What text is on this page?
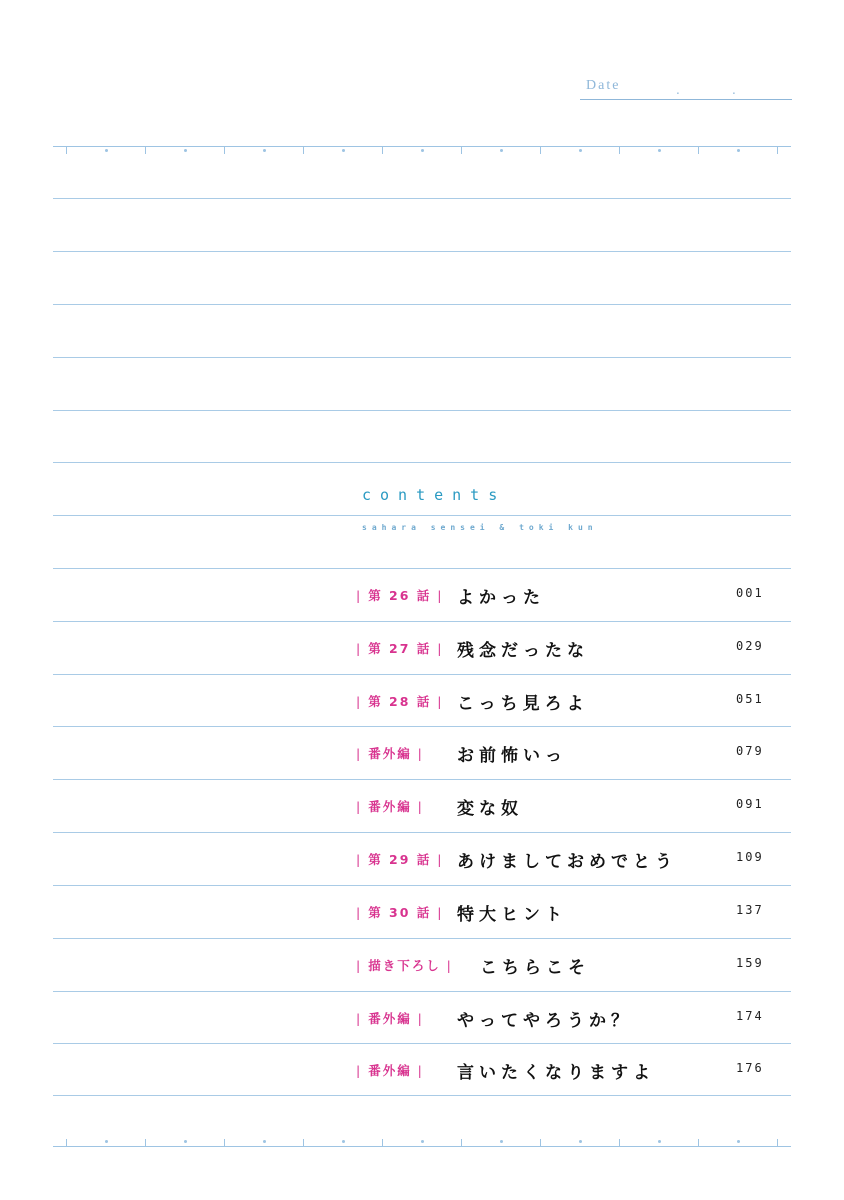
Date	.	.
contents
sahara sensei & toki kun
| 第 26 話 | よかった	001
| 第 27 話 | 残念だったな	029
| 第 28 話 | こっち見ろよ	051
| 番外編 | お前怖いっ	079
| 番外編 | 変な奴	091
| 第 29 話 | あけましておめでとう	109
| 第 30 話 | 特大ヒント	137
| 描き下ろし | こちらこそ	159
| 番外編 | やってやろうか？	174
| 番外編 | 言いたくなりますよ	176
